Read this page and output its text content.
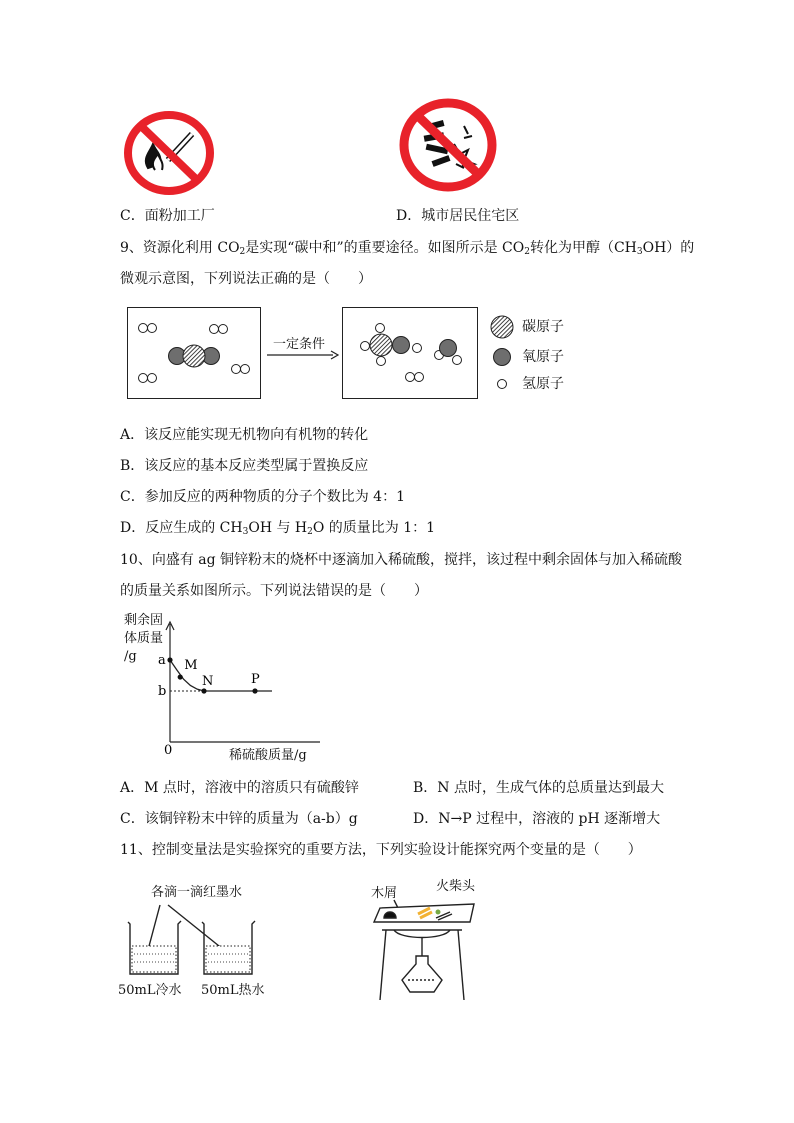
C．面粉加工厂	D．城市居民住宅区
9、资源化利用 $CO_2$是实现“碳中和”的重要途径。如图所示是 $CO_2$转化为甲醇$(CH_3OH)$的
微观示意图，下列说法正确的是（　　）
一定条件
碳原子
氧原子
氢原子
A．该反应能实现无机物向有机物的转化
B．该反应的基本反应类型属于置换反应
C．参加反应的两种物质的分子个数比为 4：1
D．反应生成的 $CH_3OH$ 与 $H_2O$ 的质量比为 1：1
10、向盛有 ag 铜锌粉末的烧杯中逐滴加入稀硫酸，搅拌，该过程中剩余固体与加入稀硫酸
的质量关系如图所示。下列说法错误的是（　　）
剩余固
体质量
/g a
b
0
M
N	P
稀硫酸质量/g
A．M 点时，溶液中的溶质只有硫酸锌	B．N 点时，生成气体的总质量达到最大
C．该铜锌粉末中锌的质量为（a-b）g	D．N→P 过程中，溶液的 pH 逐渐增大
11、控制变量法是实验探究的重要方法，下列实验设计能探究两个变量的是（　　）
各滴一滴红墨水
50mL冷水 50mL热水
木屑	火柴头
